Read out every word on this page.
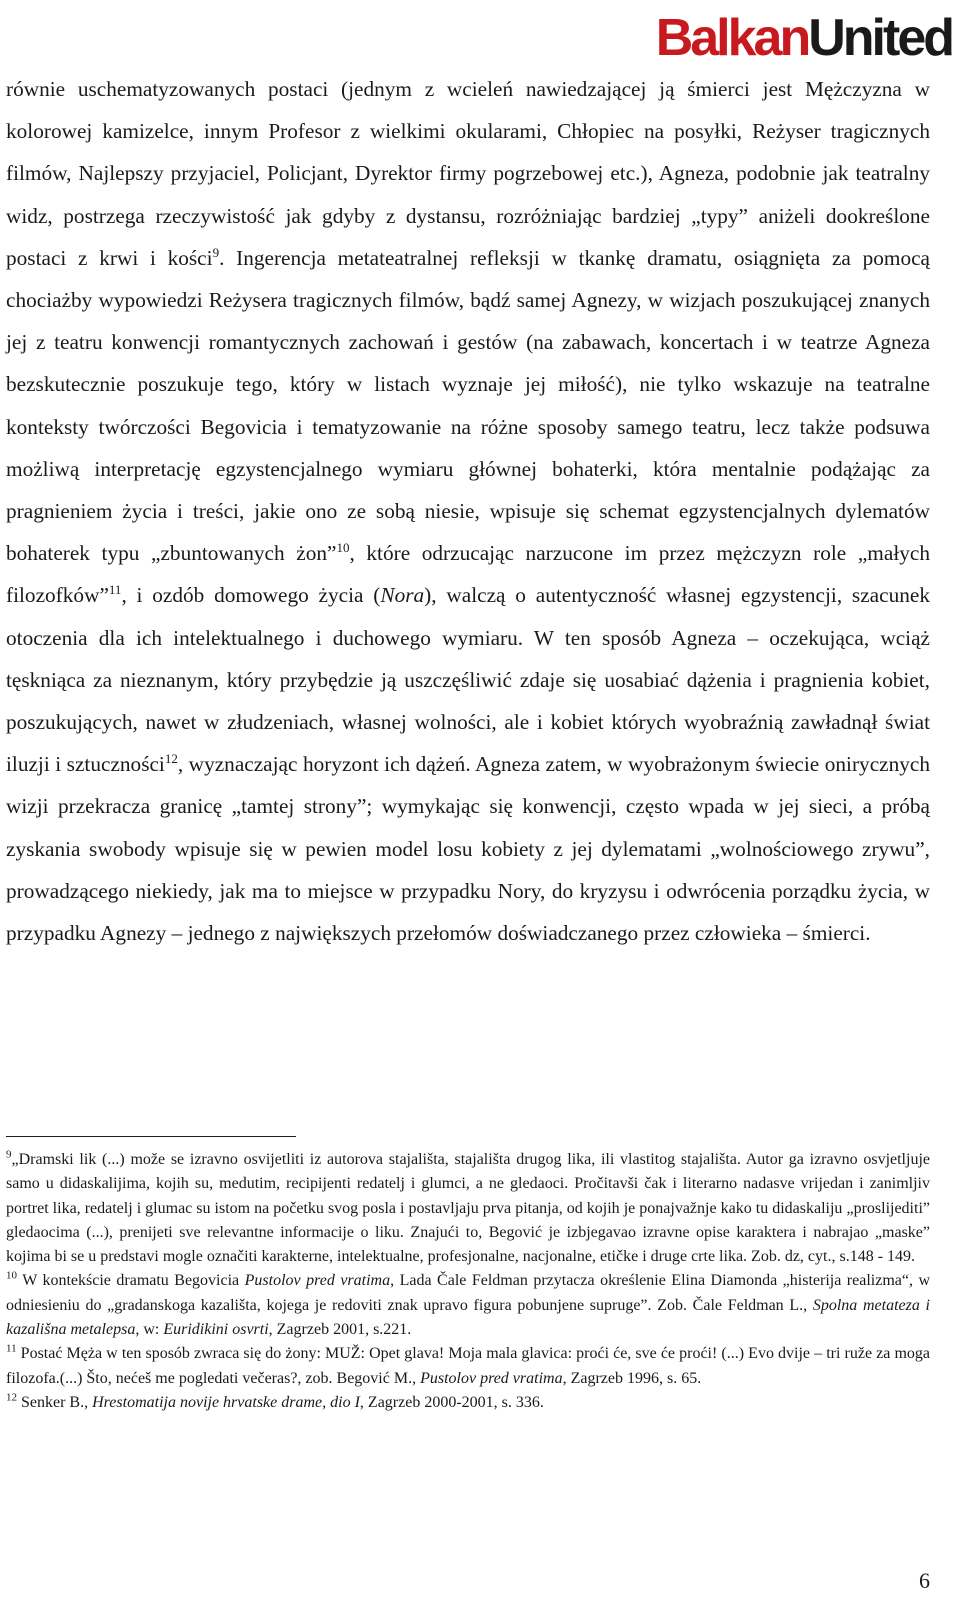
BalkanUnited

równie uschematyzowanych postaci (jednym z wcieleń nawiedzającej ją śmierci jest Mężczyzna w kolorowej kamizelce, innym Profesor z wielkimi okularami, Chłopiec na posyłki, Reżyser tragicznych filmów, Najlepszy przyjaciel, Policjant, Dyrektor firmy pogrzebowej etc.), Agneza, podobnie jak teatralny widz, postrzega rzeczywistość jak gdyby z dystansu, rozróżniając bardziej „typy” aniżeli dookreślone postaci z krwi i kości$^9$. Ingerencja metateatralnej refleksji w tkankę dramatu, osiągnięta za pomocą chociażby wypowiedzi Reżysera tragicznych filmów, bądź samej Agnezy, w wizjach poszukującej znanych jej z teatru konwencji romantycznych zachowań i gestów (na zabawach, koncertach i w teatrze Agneza bezskutecznie poszukuje tego, który w listach wyznaje jej miłość), nie tylko wskazuje na teatralne konteksty twórczości Begovicia i tematyzowanie na różne sposoby samego teatru, lecz także podsuwa możliwą interpretację egzystencjalnego wymiaru głównej bohaterki, która mentalnie podążając za pragnieniem życia i treści, jakie ono ze sobą niesie, wpisuje się schemat egzystencjalnych dylematów bohaterek typu „zbuntowanych żon”$^{10}$, które odrzucając narzucone im przez mężczyzn role „małych filozofków”$^{11}$, i ozdób domowego życia (Nora), walczą o autentyczność własnej egzystencji, szacunek otoczenia dla ich intelektualnego i duchowego wymiaru. W ten sposób Agneza – oczekująca, wciąż tęskniąca za nieznanym, który przybędzie ją uszczęśliwić zdaje się uosabiać dążenia i pragnienia kobiet, poszukujących, nawet w złudzeniach, własnej wolności, ale i kobiet których wyobraźnią zawładnął świat iluzji i sztuczności$^{12}$, wyznaczając horyzont ich dążeń. Agneza zatem, w wyobrażonym świecie onirycznych wizji przekracza granicę „tamtej strony”; wymykając się konwencji, często wpada w jej sieci, a próbą zyskania swobody wpisuje się w pewien model losu kobiety z jej dylematami „wolnościowego zrywu”, prowadzącego niekiedy, jak ma to miejsce w przypadku Nory, do kryzysu i odwrócenia porządku życia, w przypadku Agnezy – jednego z największych przełomów doświadczanego przez człowieka – śmierci.

$^9$„Dramski lik (...) može se izravno osvijetliti iz autorova stajališta, stajališta drugog lika, ili vlastitog stajališta. Autor ga izravno osvjetljuje samo u didaskalijima, kojih su, medutim, recipijenti redatelj i glumci, a ne gledaoci. Pročitavši čak i literarno nadasve vrijedan i zanimljiv portret lika, redatelj i glumac su istom na početku svog posla i postavljaju prva pitanja, od kojih je ponajvažnje kako tu didaskaliju „proslijediti” gledaocima (...), prenijeti sve relevantne informacije o liku. Znajući to, Begović je izbjegavao izravne opise karaktera i nabrajao „maske” kojima bi se u predstavi mogle označiti karakterne, intelektualne, profesjonalne, nacjonalne, etičke i druge crte lika. Zob. dz, cyt., s.148 - 149.

$^{10}$ W kontekście dramatu Begovicia Pustolov pred vratima, Lada Čale Feldman przytacza określenie Elina Diamonda „histerija realizma“, w odniesieniu do „gradanskoga kazališta, kojega je redoviti znak upravo figura pobunjene supruge”. Zob. Čale Feldman L., Spolna metateza i kazališna metalepsa, w: Euridikini osvrti, Zagrzeb 2001, s.221.

$^{11}$ Postać Męża w ten sposób zwraca się do żony: MUŽ: Opet glava! Moja mala glavica: proći će, sve će proći! (...) Evo dvije – tri ruže za moga filozofa.(...) Što, nećeš me pogledati večeras?, zob. Begović M., Pustolov pred vratima, Zagrzeb 1996, s. 65.

$^{12}$ Senker B., Hrestomatija novije hrvatske drame, dio I, Zagrzeb 2000-2001, s. 336.

6
